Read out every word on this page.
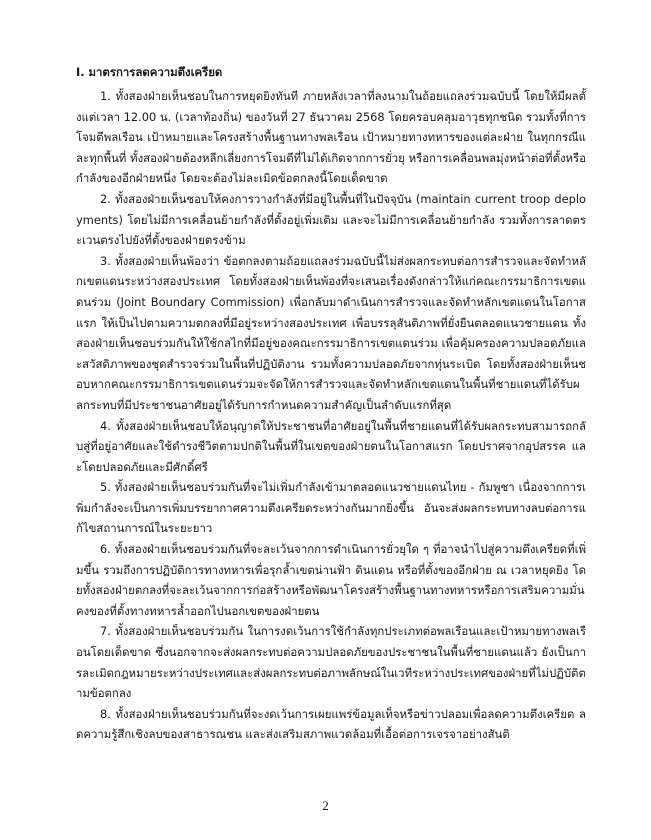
I. มาตรการลดความตึงเครียด

1. ทั้งสองฝ่ายเห็นชอบในการหยุดยิงทันที ภายหลังเวลาที่ลงนามในถ้อยแถลงร่วมฉบับนี้ โดยให้มีผลตั้งแต่เวลา 12.00 น. (เวลาท้องถิ่น) ของวันที่ 27 ธันวาคม 2568 โดยครอบคลุมอาวุธทุกชนิด รวมทั้งที่การโจมตีพลเรือน เป้าหมายและโครงสร้างพื้นฐานทางพลเรือน เป้าหมายทางทหารของแต่ละฝ่าย ในทุกกรณีและทุกพื้นที่ ทั้งสองฝ่ายต้องหลีกเลี่ยงการโจมตีที่ไม่ได้เกิดจากการยั่วยุ หรือการเคลื่อนพลมุ่งหน้าต่อที่ตั้งหรือกำลังของอีกฝ่ายหนึ่ง โดยจะต้องไม่ละเมิดข้อตกลงนี้โดยเด็ดขาด

2. ทั้งสองฝ่ายเห็นชอบให้คงการวางกำลังที่มีอยู่ในพื้นที่ในปัจจุบัน (maintain current troop deployments) โดยไม่มีการเคลื่อนย้ายกำลังที่ตั้งอยู่เพิ่มเติม และจะไม่มีการเคลื่อนย้ายกำลัง รวมทั้งการลาดตระเวนตรงไปยังที่ตั้งของฝ่ายตรงข้าม

3. ทั้งสองฝ่ายเห็นพ้องว่า ข้อตกลงตามถ้อยแถลงร่วมฉบับนี้ไม่ส่งผลกระทบต่อการสำรวจและจัดทำหลักเขตแดนระหว่างสองประเทศ โดยทั้งสองฝ่ายเห็นพ้องที่จะเสนอเรื่องดังกล่าวให้แก่คณะกรรมาธิการเขตแดนร่วม (Joint Boundary Commission) เพื่อกลับมาดำเนินการสำรวจและจัดทำหลักเขตแดนในโอกาสแรก ให้เป็นไปตามความตกลงที่มีอยู่ระหว่างสองประเทศ เพื่อบรรลุสันติภาพที่ยั่งยืนตลอดแนวชายแดน ทั้งสองฝ่ายเห็นชอบร่วมกันให้ใช้กลไกที่มีอยู่ของคณะกรรมาธิการเขตแดนร่วม เพื่อคุ้มครองความปลอดภัยและสวัสดิภาพของชุดสำรวจร่วมในพื้นที่ปฏิบัติงาน รวมทั้งความปลอดภัยจากทุ่นระเบิด โดยทั้งสองฝ่ายเห็นชอบหากคณะกรรมาธิการเขตแดนร่วมจะจัดให้การสำรวจและจัดทำหลักเขตแดนในพื้นที่ชายแดนที่ได้รับผลกระทบที่มีประชาชนอาศัยอยู่ได้รับการกำหนดความสำคัญเป็นลำดับแรกที่สุด

4. ทั้งสองฝ่ายเห็นชอบให้อนุญาตให้ประชาชนที่อาศัยอยู่ในพื้นที่ชายแดนที่ได้รับผลกระทบสามารถกลับสู่ที่อยู่อาศัยและใช้ดำรงชีวิตตามปกติในพื้นที่ในเขตของฝ่ายตนในโอกาสแรก โดยปราศจากอุปสรรค และโดยปลอดภัยและมีศักดิ์ศรี

5. ทั้งสองฝ่ายเห็นชอบร่วมกันที่จะไม่เพิ่มกำลังเข้ามาตลอดแนวชายแดนไทย - กัมพูชา เนื่องจากการเพิ่มกำลังจะเป็นการเพิ่มบรรยากาศความตึงเครียดระหว่างกันมากยิ่งขึ้น อันจะส่งผลกระทบทางลบต่อการแก้ไขสถานการณ์ในระยะยาว

6. ทั้งสองฝ่ายเห็นชอบร่วมกันที่จะละเว้นจากการดำเนินการยั่วยุใด ๆ ที่อาจนำไปสู่ความตึงเครียดที่เพิ่มขึ้น รวมถึงการปฏิบัติการทางทหารเพื่อรุกล้ำเขตน่านฟ้า ดินแดน หรือที่ตั้งของอีกฝ่าย ณ เวลาหยุดยิง โดยทั้งสองฝ่ายตกลงที่จะละเว้นจากการก่อสร้างหรือพัฒนาโครงสร้างพื้นฐานทางทหารหรือการเสริมความมั่นคงของที่ตั้งทางทหารล้ำออกไปนอกเขตของฝ่ายตน

7. ทั้งสองฝ่ายเห็นชอบร่วมกัน ในการงดเว้นการใช้กำลังทุกประเภทต่อพลเรือนและเป้าหมายทางพลเรือนโดยเด็ดขาด ซึ่งนอกจากจะส่งผลกระทบต่อความปลอดภัยของประชาชนในพื้นที่ชายแดนแล้ว ยังเป็นการละเมิดกฎหมายระหว่างประเทศและส่งผลกระทบต่อภาพลักษณ์ในเวทีระหว่างประเทศของฝ่ายที่ไม่ปฏิบัติตามข้อตกลง

8. ทั้งสองฝ่ายเห็นชอบร่วมกันที่จะงดเว้นการเผยแพร่ข้อมูลเท็จหรือข่าวปลอมเพื่อลดความตึงเครียด ลดความรู้สึกเชิงลบของสาธารณชน และส่งเสริมสภาพแวดล้อมที่เอื้อต่อการเจรจาอย่างสันติ

2
